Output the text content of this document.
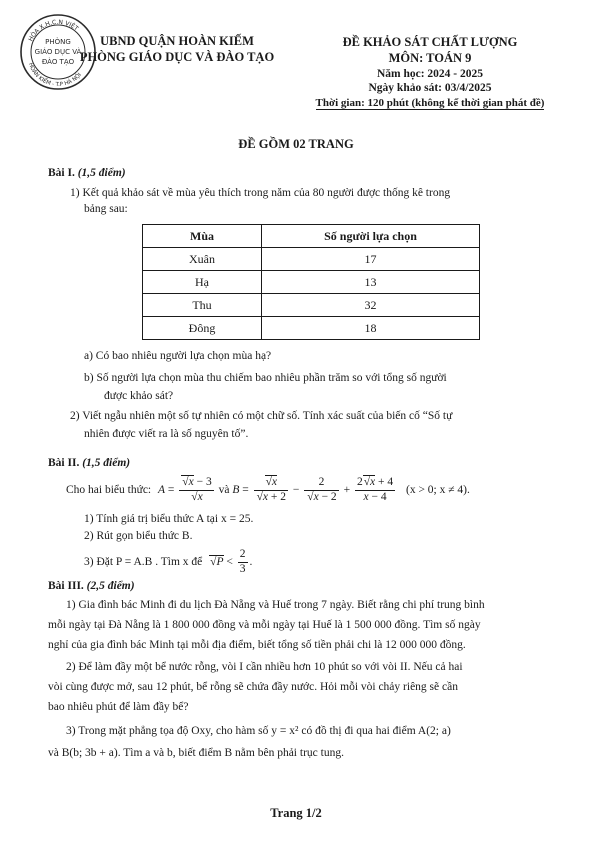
HÒA X.H.C.N VIỆT
HOÀN KIẾM - T.P HÀ NỘI
PHÒNG
GIÁO DỤC VÀ
ĐÀO TẠO
UBND QUẬN HOÀN KIẾM
PHÒNG GIÁO DỤC VÀ ĐÀO TẠO
ĐỀ KHẢO SÁT CHẤT LƯỢNG
MÔN: TOÁN 9
Năm học: 2024 - 2025
Ngày khảo sát: 03/4/2025
Thời gian: 120 phút (không kể thời gian phát đề)
ĐỀ GỒM 02 TRANG
Bài I. (1,5 điểm)
1) Kết quả khảo sát về mùa yêu thích trong năm của 80 người được thống kê trong
bảng sau:
Mùa	Số người lựa chọn
Xuân	17
Hạ	13
Thu	32
Đông	18
a) Có bao nhiêu người lựa chọn mùa hạ?
b) Số người lựa chọn mùa thu chiếm bao nhiêu phần trăm so với tổng số người
được khảo sát?
2) Viết ngẫu nhiên một số tự nhiên có một chữ số. Tính xác suất của biến cố “Số tự
nhiên được viết ra là số nguyên tố”.
Bài II. (1,5 điểm)
Cho hai biểu thức: A = √ x − 3
√ x và B = √ x
√ x + 2 − 2
√ $x - 2 + \frac{2 √ x + 4}{x - 4} (x > 0$; x ≠ 4).
1) Tính giá trị biểu thức A tại x = 25.
2) Rút gọn biểu thức B.
3) Đặt P = A.B . Tìm x để √ $P < \frac{2}{3}$ .
Bài III. (2,5 điểm)
1) Gia đình bác Minh đi du lịch Đà Nẵng và Huế trong 7 ngày. Biết rằng chi phí trung bình
mỗi ngày tại Đà Nẵng là 1 800 000 đồng và mỗi ngày tại Huế là 1 500 000 đồng. Tìm số ngày
nghỉ của gia đình bác Minh tại mỗi địa điểm, biết tổng số tiền phải chi là 12 000 000 đồng.
2) Để làm đầy một bể nước rỗng, vòi I cần nhiều hơn 10 phút so với vòi II. Nếu cả hai
vòi cùng được mở, sau 12 phút, bể rỗng sẽ chứa đầy nước. Hỏi mỗi vòi chảy riêng sẽ cần
bao nhiêu phút để làm đầy bể?
3) Trong mặt phẳng tọa độ Oxy, cho hàm số y = x² có đồ thị đi qua hai điểm A(2; a)
và B(b; 3b + a). Tìm a và b, biết điểm B nằm bên phải trục tung.
Trang 1/2
